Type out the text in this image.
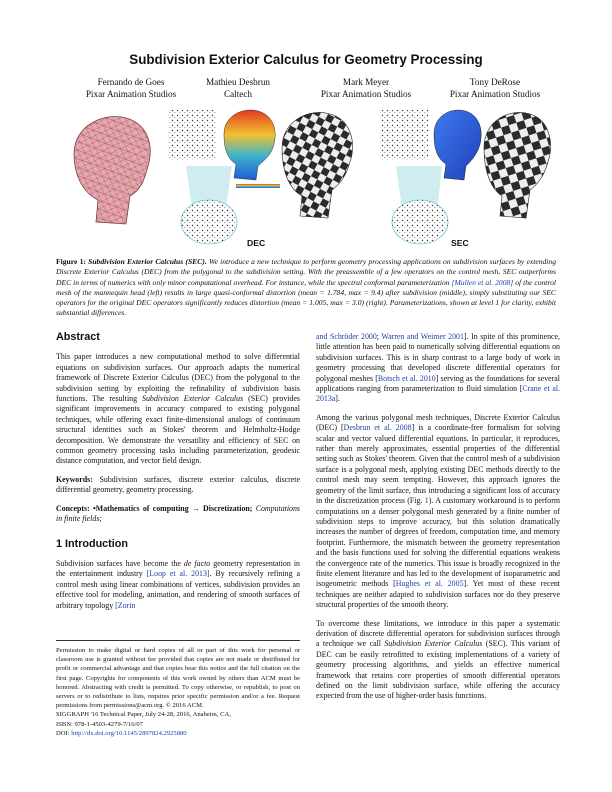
Subdivision Exterior Calculus for Geometry Processing
Fernando de Goes
Pixar Animation Studios
Mathieu Desbrun
Caltech
Mark Meyer
Pixar Animation Studios
Tony DeRose
Pixar Animation Studios
DEC	SEC
Figure 1: Subdivision Exterior Calculus (SEC). We introduce a new technique to perform geometry processing applications on subdivision surfaces by extending Discrete Exterior Calculus (DEC) from the polygonal to the subdivision setting. With the preassemble of a few operators on the control mesh, SEC outperforms DEC in terms of numerics with only minor computational overhead. For instance, while the spectral conformal parameterization [Mullen et al. 2008] of the control mesh of the mannequin head (left) results in large quasi-conformal distortion (mean = 1.784, max = 9.4) after subdivision (middle), simply substituting our SEC operators for the original DEC operators significantly reduces distortion (mean = 1.005, max = 3.0) (right). Parameterizations, shown at level 1 for clarity, exhibit substantial differences.
Abstract

This paper introduces a new computational method to solve differential equations on subdivision surfaces. Our approach adapts the numerical framework of Discrete Exterior Calculus (DEC) from the polygonal to the subdivision setting by exploiting the refinability of subdivision basis functions. The resulting Subdivision Exterior Calculus (SEC) provides significant improvements in accuracy compared to existing polygonal techniques, while offering exact finite-dimensional analogs of continuum structural identities such as Stokes' theorem and Helmholtz-Hodge decomposition. We demonstrate the versatility and efficiency of SEC on common geometry processing tasks including parameterization, geodesic distance computation, and vector field design.

Keywords: Subdivision surfaces, discrete exterior calculus, discrete differential geometry, geometry processing.

Concepts: •Mathematics of computing → Discretization; Computations in finite fields;

1 Introduction

Subdivision surfaces have become the de facto geometry representation in the entertainment industry [Loop et al. 2013]. By recursively refining a control mesh using linear combinations of vertices, subdivision provides an effective tool for modeling, animation, and rendering of smooth surfaces of arbitrary topology [Zorin

Permission to make digital or hard copies of all or part of this work for personal or classroom use is granted without fee provided that copies are not made or distributed for profit or commercial advantage and that copies bear this notice and the full citation on the first page. Copyrights for components of this work owned by others than ACM must be honored. Abstracting with credit is permitted. To copy otherwise, or republish, to post on servers or to redistribute to lists, requires prior specific permission and/or a fee. Request permissions from permissions@acm.org. © 2016 ACM.

SIGGRAPH '16 Technical Paper, July 24-28, 2016, Anaheim, CA,

ISBN: 978-1-4503-4279-7/16/07

DOI: http://dx.doi.org/10.1145/2897824.2925880

and Schröder 2000; Warren and Weimer 2001]. In spite of this prominence, little attention has been paid to numerically solving differential equations on subdivision surfaces. This is in sharp contrast to a large body of work in geometry processing that developed discrete differential operators for polygonal meshes [Botsch et al. 2010] serving as the foundations for several applications ranging from parameterization to fluid simulation [Crane et al. 2013a].

Among the various polygonal mesh techniques, Discrete Exterior Calculus (DEC) [Desbrun et al. 2008] is a coordinate-free formalism for solving scalar and vector valued differential equations. In particular, it reproduces, rather than merely approximates, essential properties of the differential setting such as Stokes' theorem. Given that the control mesh of a subdivision surface is a polygonal mesh, applying existing DEC methods directly to the control mesh may seem tempting. However, this approach ignores the geometry of the limit surface, thus introducing a significant loss of accuracy in the discretization process (Fig. 1). A customary workaround is to perform computations on a denser polygonal mesh generated by a finite number of subdivision steps to improve accuracy, but this solution dramatically increases the number of degrees of freedom, computation time, and memory footprint. Furthermore, the mismatch between the geometry representation and the basis functions used for solving the differential equations weakens the convergence rate of the numerics. This issue is broadly recognized in the finite element literature and has led to the development of isoparametric and isogeometric methods [Hughes et al. 2005]. Yet most of these recent techniques are neither adapted to subdivision surfaces nor do they preserve structural properties of the smooth theory.

To overcome these limitations, we introduce in this paper a systematic derivation of discrete differential operators for subdivision surfaces through a technique we call Subdivision Exterior Calculus (SEC). This variant of DEC can be easily retrofitted to existing implementations of a variety of geometry processing algorithms, and yields an effective numerical framework that retains core properties of smooth differential operators defined on the limit subdivision surface, while offering the accuracy expected from the use of higher-order basis functions.
